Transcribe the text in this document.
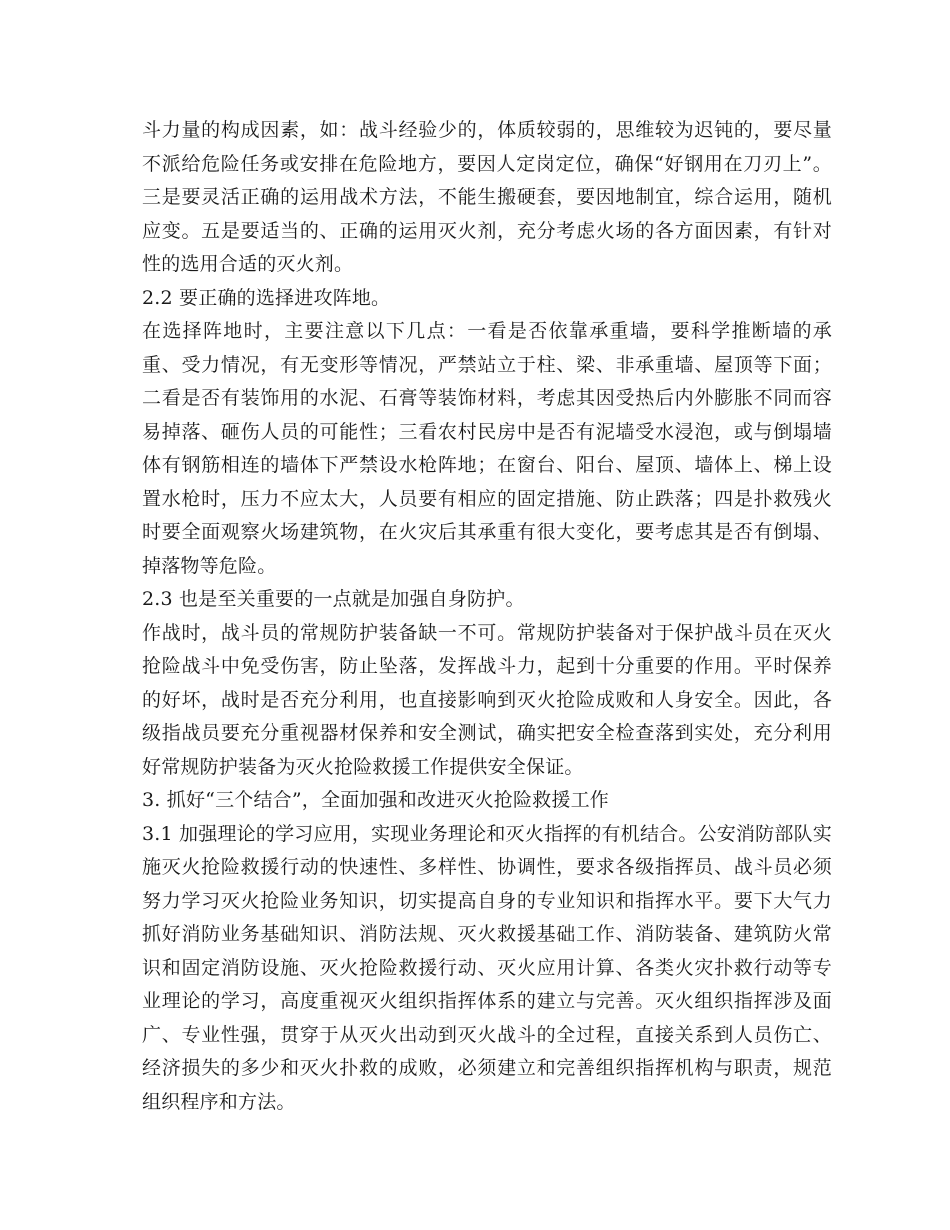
斗力量的构成因素，如：战斗经验少的，体质较弱的，思维较为迟钝的，要尽量不派给危险任务或安排在危险地方，要因人定岗定位，确保“好钢用在刀刃上”。三是要灵活正确的运用战术方法，不能生搬硬套，要因地制宜，综合运用，随机应变。五是要适当的、正确的运用灭火剂，充分考虑火场的各方面因素，有针对性的选用合适的灭火剂。

2.2 要正确的选择进攻阵地。

在选择阵地时，主要注意以下几点：一看是否依靠承重墙，要科学推断墙的承重、受力情况，有无变形等情况，严禁站立于柱、梁、非承重墙、屋顶等下面；二看是否有装饰用的水泥、石膏等装饰材料，考虑其因受热后内外膨胀不同而容易掉落、砸伤人员的可能性；三看农村民房中是否有泥墙受水浸泡，或与倒塌墙体有钢筋相连的墙体下严禁设水枪阵地；在窗台、阳台、屋顶、墙体上、梯上设置水枪时，压力不应太大，人员要有相应的固定措施、防止跌落；四是扑救残火时要全面观察火场建筑物，在火灾后其承重有很大变化，要考虑其是否有倒塌、掉落物等危险。

2.3 也是至关重要的一点就是加强自身防护。

作战时，战斗员的常规防护装备缺一不可。常规防护装备对于保护战斗员在灭火抢险战斗中免受伤害，防止坠落，发挥战斗力，起到十分重要的作用。平时保养的好坏，战时是否充分利用，也直接影响到灭火抢险成败和人身安全。因此，各级指战员要充分重视器材保养和安全测试，确实把安全检查落到实处，充分利用好常规防护装备为灭火抢险救援工作提供安全保证。

3. 抓好“三个结合”，全面加强和改进灭火抢险救援工作

3.1 加强理论的学习应用，实现业务理论和灭火指挥的有机结合。公安消防部队实施灭火抢险救援行动的快速性、多样性、协调性，要求各级指挥员、战斗员必须努力学习灭火抢险业务知识，切实提高自身的专业知识和指挥水平。要下大气力抓好消防业务基础知识、消防法规、灭火救援基础工作、消防装备、建筑防火常识和固定消防设施、灭火抢险救援行动、灭火应用计算、各类火灾扑救行动等专业理论的学习，高度重视灭火组织指挥体系的建立与完善。灭火组织指挥涉及面广、专业性强，贯穿于从灭火出动到灭火战斗的全过程，直接关系到人员伤亡、经济损失的多少和灭火扑救的成败，必须建立和完善组织指挥机构与职责，规范组织程序和方法。
